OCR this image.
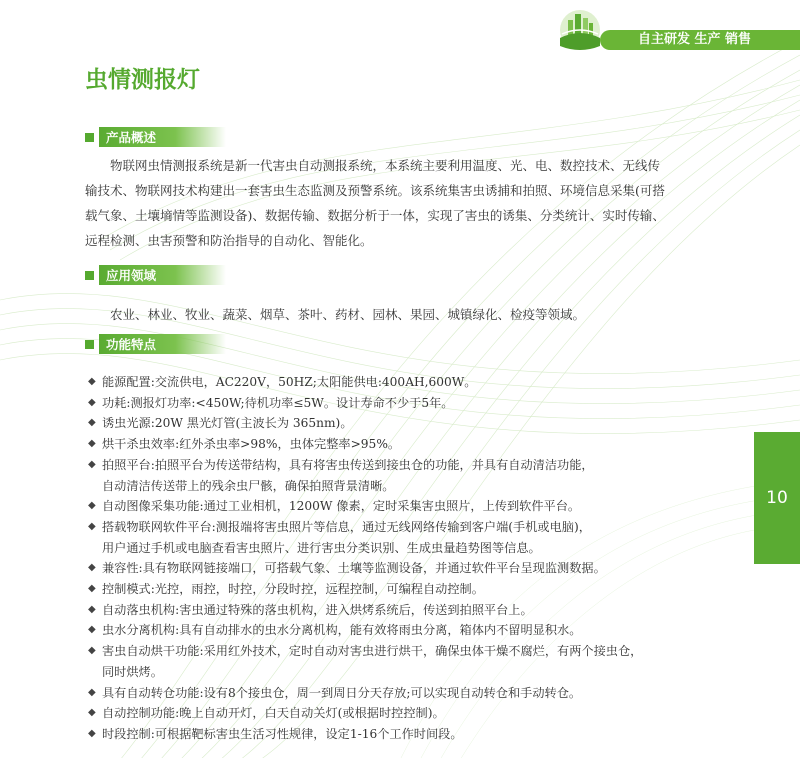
自主研发 生产 销售
虫情测报灯
产品概述

物联网虫情测报系统是新一代害虫自动测报系统，本系统主要利用温度、光、电、数控技术、无线传
输技术、物联网技术构建出一套害虫生态监测及预警系统。该系统集害虫诱捕和拍照、环境信息采集(可搭
载气象、土壤墒情等监测设备)、数据传输、数据分析于一体，实现了害虫的诱集、分类统计、实时传输、
远程检测、虫害预警和防治指导的自动化、智能化。

应用领域

农业、林业、牧业、蔬菜、烟草、茶叶、药材、园林、果园、城镇绿化、检疫等领域。

功能特点
◆ 能源配置:交流供电，AC220V，50HZ;太阳能供电:400AH,600W。
◆ 功耗:测报灯功率:<450W;待机功率≤5W。设计寿命不少于5年。
◆ 诱虫光源:20W 黑光灯管(主波长为 365nm)。
◆ 烘干杀虫效率:红外杀虫率>98%，虫体完整率>95%。
◆ 拍照平台:拍照平台为传送带结构，具有将害虫传送到接虫仓的功能，并具有自动清洁功能，
自动清洁传送带上的残余虫尸骸，确保拍照背景清晰。
◆ 自动图像采集功能:通过工业相机，1200W 像素，定时采集害虫照片，上传到软件平台。
◆ 搭载物联网软件平台:测报端将害虫照片等信息，通过无线网络传输到客户端(手机或电脑)，
用户通过手机或电脑查看害虫照片、进行害虫分类识别、生成虫量趋势图等信息。
◆ 兼容性:具有物联网链接端口，可搭载气象、土壤等监测设备，并通过软件平台呈现监测数据。
◆ 控制模式:光控，雨控，时控，分段时控，远程控制，可编程自动控制。
◆ 自动落虫机构:害虫通过特殊的落虫机构，进入烘烤系统后，传送到拍照平台上。
◆ 虫水分离机构:具有自动排水的虫水分离机构，能有效将雨虫分离，箱体内不留明显积水。
◆ 害虫自动烘干功能:采用红外技术，定时自动对害虫进行烘干，确保虫体干燥不腐烂，有两个接虫仓，
同时烘烤。
◆ 具有自动转仓功能:设有8个接虫仓，周一到周日分天存放;可以实现自动转仓和手动转仓。
◆ 自动控制功能:晚上自动开灯，白天自动关灯(或根据时控控制)。
◆ 时段控制:可根据靶标害虫生活习性规律，设定1-16个工作时间段。
10
